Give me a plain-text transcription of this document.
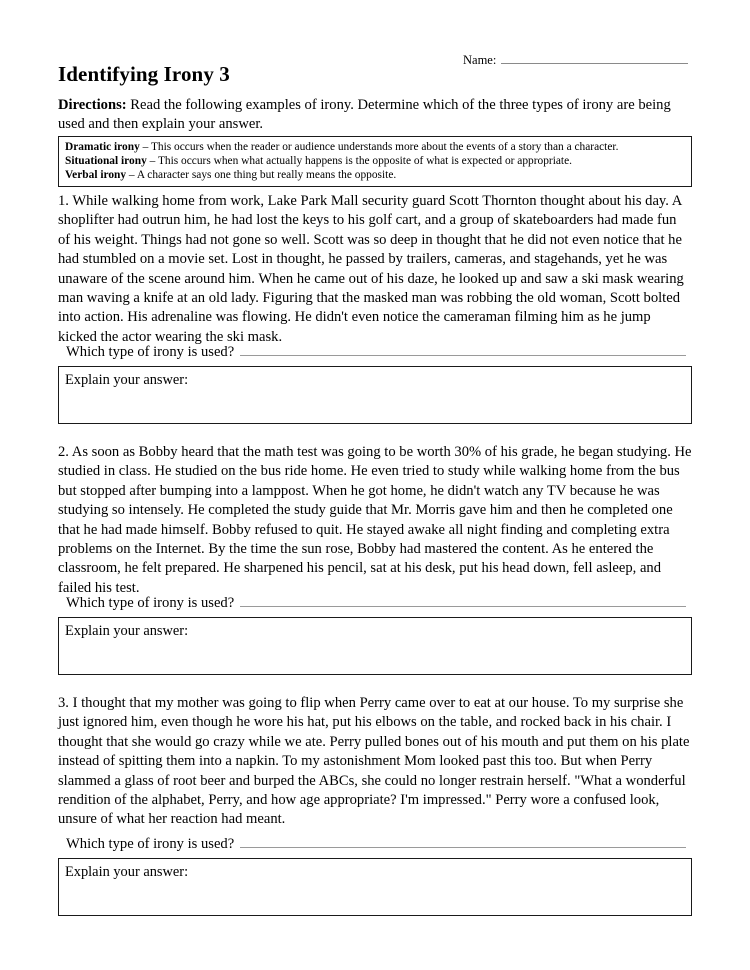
Name:
Identifying Irony 3
Directions: Read the following examples of irony. Determine which of the three types of irony are being used and then explain your answer.
Dramatic irony – This occurs when the reader or audience understands more about the events of a story than a character.
Situational irony – This occurs when what actually happens is the opposite of what is expected or appropriate.
Verbal irony – A character says one thing but really means the opposite.
1. While walking home from work, Lake Park Mall security guard Scott Thornton thought about his day. A shoplifter had outrun him, he had lost the keys to his golf cart, and a group of skateboarders had made fun of his weight. Things had not gone so well. Scott was so deep in thought that he did not even notice that he had stumbled on a movie set. Lost in thought, he passed by trailers, cameras, and stagehands, yet he was unaware of the scene around him. When he came out of his daze, he looked up and saw a ski mask wearing man waving a knife at an old lady. Figuring that the masked man was robbing the old woman, Scott bolted into action. His adrenaline was flowing. He didn't even notice the cameraman filming him as he jump kicked the actor wearing the ski mask.
Which type of irony is used?
Explain your answer:
2. As soon as Bobby heard that the math test was going to be worth 30% of his grade, he began studying. He studied in class. He studied on the bus ride home. He even tried to study while walking home from the bus but stopped after bumping into a lamppost. When he got home, he didn't watch any TV because he was studying so intensely. He completed the study guide that Mr. Morris gave him and then he completed one that he had made himself. Bobby refused to quit. He stayed awake all night finding and completing extra problems on the Internet. By the time the sun rose, Bobby had mastered the content. As he entered the classroom, he felt prepared. He sharpened his pencil, sat at his desk, put his head down, fell asleep, and failed his test.
Which type of irony is used?
Explain your answer:
3. I thought that my mother was going to flip when Perry came over to eat at our house. To my surprise she just ignored him, even though he wore his hat, put his elbows on the table, and rocked back in his chair. I thought that she would go crazy while we ate. Perry pulled bones out of his mouth and put them on his plate instead of spitting them into a napkin. To my astonishment Mom looked past this too. But when Perry slammed a glass of root beer and burped the ABCs, she could no longer restrain herself. "What a wonderful rendition of the alphabet, Perry, and how age appropriate? I'm impressed." Perry wore a confused look, unsure of what her reaction had meant.
Which type of irony is used?
Explain your answer:
